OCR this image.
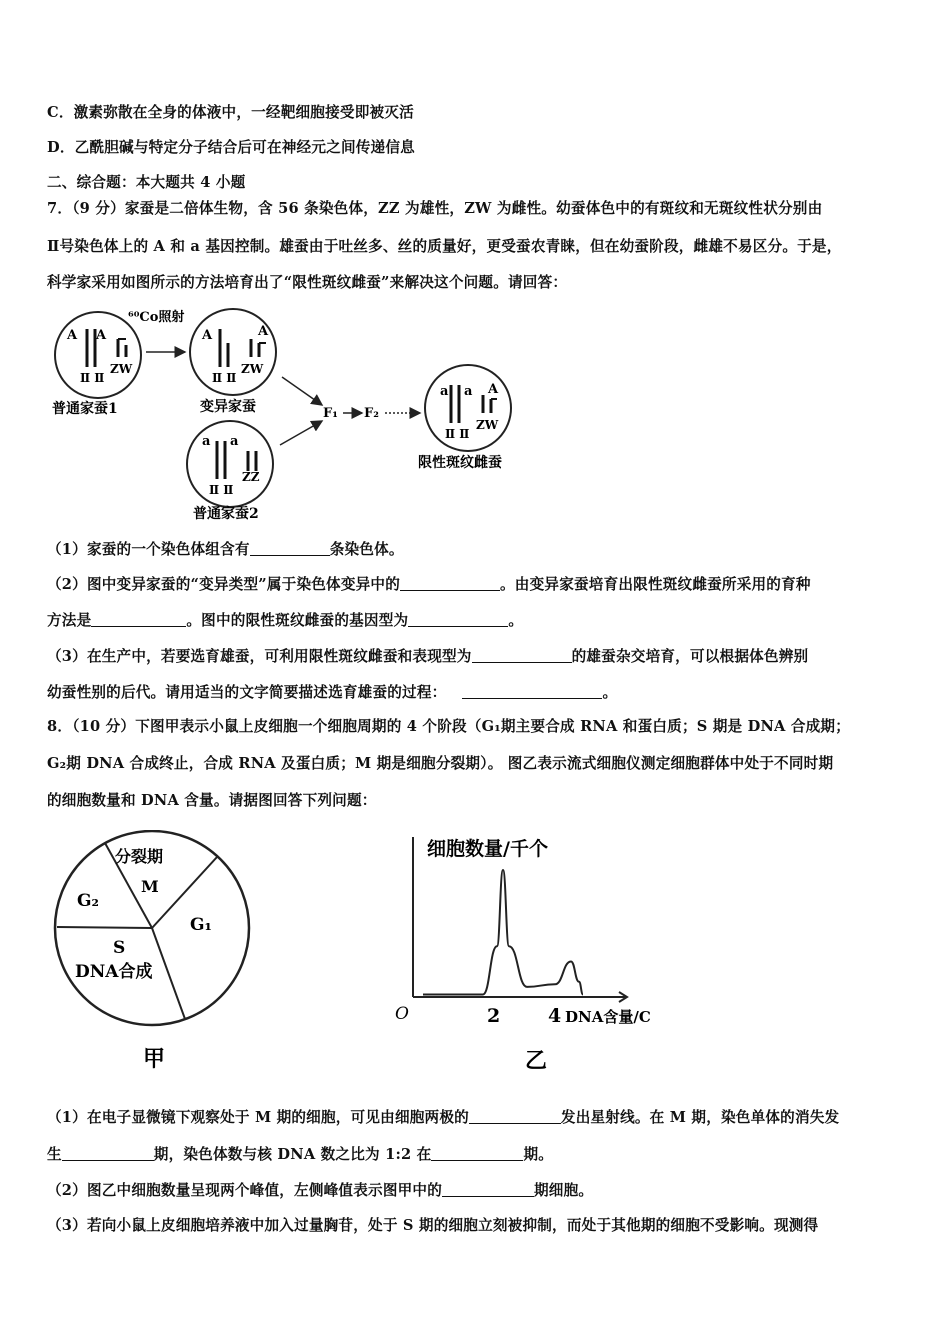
C．激素弥散在全身的体液中，一经靶细胞接受即被灭活
D．乙酰胆碱与特定分子结合后可在神经元之间传递信息
二、综合题：本大题共 4 小题
7．（9 分）家蚕是二倍体生物，含 56 条染色体，ZZ 为雄性，ZW 为雌性。幼蚕体色中的有斑纹和无斑纹性状分别由
Ⅱ号染色体上的 A 和 a 基因控制。雄蚕由于吐丝多、丝的质量好，更受蚕农青睐，但在幼蚕阶段，雌雄不易区分。于是，
科学家采用如图所示的方法培育出了“限性斑纹雌蚕”来解决这个问题。请回答：
A A
Ⅱ Ⅱ
ZW
普通家蚕1
⁶⁰Co照射
A	A
Ⅱ Ⅱ
ZW
变异家蚕
a a
Ⅱ Ⅱ
ZZ
普通家蚕2
F₁ F₂
a a A
Ⅱ Ⅱ
ZW
限性斑纹雌蚕
（1）家蚕的一个染色体组含有	条染色体。
（2）图中变异家蚕的“变异类型”属于染色体变异中的	。由变异家蚕培育出限性斑纹雌蚕所采用的育种
方法是	。图中的限性斑纹雌蚕的基因型为	。
（3）在生产中，若要选育雄蚕，可利用限性斑纹雌蚕和表现型为	的雄蚕杂交培育，可以根据体色辨别
幼蚕性别的后代。请用适当的文字简要描述选育雄蚕的过程：	。
8．（10 分）下图甲表示小鼠上皮细胞一个细胞周期的 4 个阶段（G₁期主要合成 RNA 和蛋白质；S 期是 DNA 合成期；
G₂期 DNA 合成终止，合成 RNA 及蛋白质；M 期是细胞分裂期）。 图乙表示流式细胞仪测定细胞群体中处于不同时期
的细胞数量和 DNA 含量。请据图回答下列问题：
分裂期
M
G₂
G₁
S
DNA合成
甲
细胞数量/千个
O	2	4 DNA含量/C
乙
（1）在电子显微镜下观察处于 M 期的细胞，可见由细胞两极的	发出星射线。在 M 期，染色单体的消失发
生	期，染色体数与核 DNA 数之比为 1:2 在	期。
（2）图乙中细胞数量呈现两个峰值，左侧峰值表示图甲中的	期细胞。
（3）若向小鼠上皮细胞培养液中加入过量胸苷，处于 S 期的细胞立刻被抑制，而处于其他期的细胞不受影响。现测得
